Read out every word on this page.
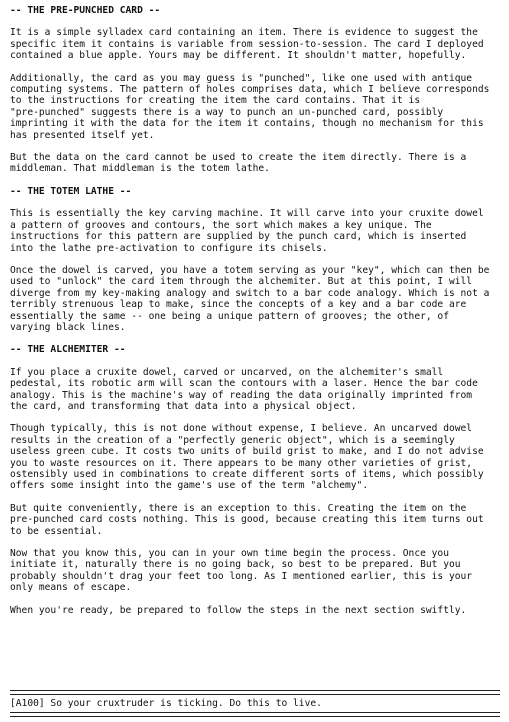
-- THE PRE-PUNCHED CARD --
It is a simple sylladex card containing an item. There is evidence to suggest the
specific item it contains is variable from session-to-session. The card I deployed
contained a blue apple. Yours may be different. It shouldn't matter, hopefully.
Additionally, the card as you may guess is "punched", like one used with antique
computing systems. The pattern of holes comprises data, which I believe corresponds
to the instructions for creating the item the card contains. That it is
"pre-punched" suggests there is a way to punch an un-punched card, possibly
imprinting it with the data for the item it contains, though no mechanism for this
has presented itself yet.
But the data on the card cannot be used to create the item directly. There is a
middleman. That middleman is the totem lathe.
-- THE TOTEM LATHE --
This is essentially the key carving machine. It will carve into your cruxite dowel
a pattern of grooves and contours, the sort which makes a key unique. The
instructions for this pattern are supplied by the punch card, which is inserted
into the lathe pre-activation to configure its chisels.
Once the dowel is carved, you have a totem serving as your "key", which can then be
used to "unlock" the card item through the alchemiter. But at this point, I will
diverge from my key-making analogy and switch to a bar code analogy. Which is not a
terribly strenuous leap to make, since the concepts of a key and a bar code are
essentially the same -- one being a unique pattern of grooves; the other, of
varying black lines.
-- THE ALCHEMITER --
If you place a cruxite dowel, carved or uncarved, on the alchemiter's small
pedestal, its robotic arm will scan the contours with a laser. Hence the bar code
analogy. This is the machine's way of reading the data originally imprinted from
the card, and transforming that data into a physical object.
Though typically, this is not done without expense, I believe. An uncarved dowel
results in the creation of a "perfectly generic object", which is a seemingly
useless green cube. It costs two units of build grist to make, and I do not advise
you to waste resources on it. There appears to be many other varieties of grist,
ostensibly used in combinations to create different sorts of items, which possibly
offers some insight into the game's use of the term "alchemy".
But quite conveniently, there is an exception to this. Creating the item on the
pre-punched card costs nothing. This is good, because creating this item turns out
to be essential.
Now that you know this, you can in your own time begin the process. Once you
initiate it, naturally there is no going back, so best to be prepared. But you
probably shouldn't drag your feet too long. As I mentioned earlier, this is your
only means of escape.
When you're ready, be prepared to follow the steps in the next section swiftly.
[A100] So your cruxtruder is ticking. Do this to live.
